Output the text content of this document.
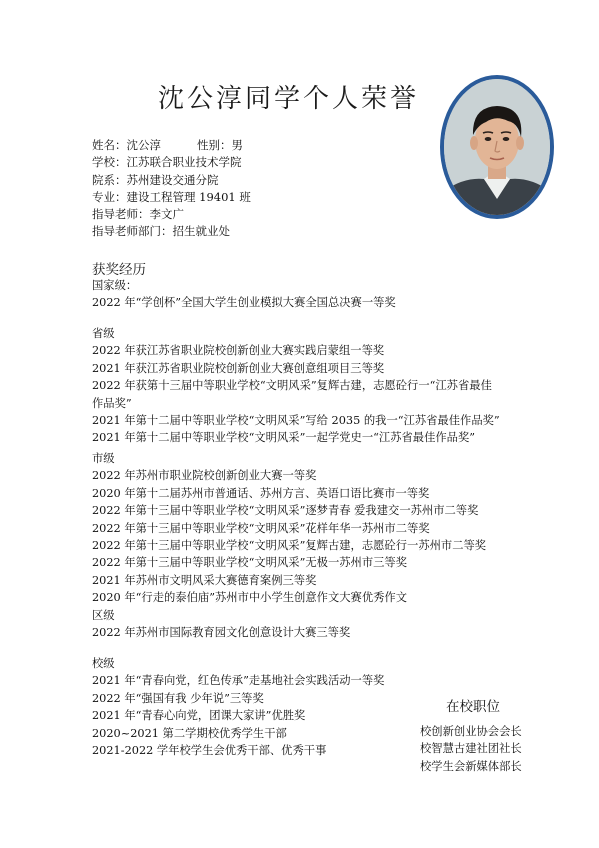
沈公淳同学个人荣誉
姓名：沈公淳	性别：男
学校：江苏联合职业技术学院
院系：苏州建设交通分院
专业：建设工程管理 19401 班
指导老师：李文广
指导老师部门：招生就业处
获奖经历
国家级：
2022 年“学创杯”全国大学生创业模拟大赛全国总决赛一等奖
省级
2022 年获江苏省职业院校创新创业大赛实践启蒙组一等奖
2021 年获江苏省职业院校创新创业大赛创意组项目三等奖
2022 年获第十三届中等职业学校“文明风采”复辉古建，志愿砼行一“江苏省最佳作品奖”
2021 年第十二届中等职业学校“文明风采”写给 2035 的我一“江苏省最佳作品奖”
2021 年第十二届中等职业学校“文明风采”一起学党史一“江苏省最佳作品奖”
市级
2022 年苏州市职业院校创新创业大赛一等奖
2020 年第十二届苏州市普通话、苏州方言、英语口语比赛市一等奖
2022 年第十三届中等职业学校“文明风采”逐梦青春 爱我建交一苏州市二等奖
2022 年第十三届中等职业学校“文明风采”花样年华一苏州市二等奖
2022 年第十三届中等职业学校“文明风采”复辉古建，志愿砼行一苏州市二等奖
2022 年第十三届中等职业学校“文明风采”无极一苏州市三等奖
2021 年苏州市文明风采大赛德育案例三等奖
2020 年“行走的泰伯庙”苏州市中小学生创意作文大赛优秀作文
区级
2022 年苏州市国际教育园文化创意设计大赛三等奖
校级
2021 年“青春向党，红色传承”走基地社会实践活动一等奖
2022 年“强国有我 少年说”三等奖
2021 年“青春心向党，团课大家讲”优胜奖
2020~2021 第二学期校优秀学生干部
2021-2022 学年校学生会优秀干部、优秀干事
在校职位
校创新创业协会会长
校智慧古建社团社长
校学生会新媒体部长
